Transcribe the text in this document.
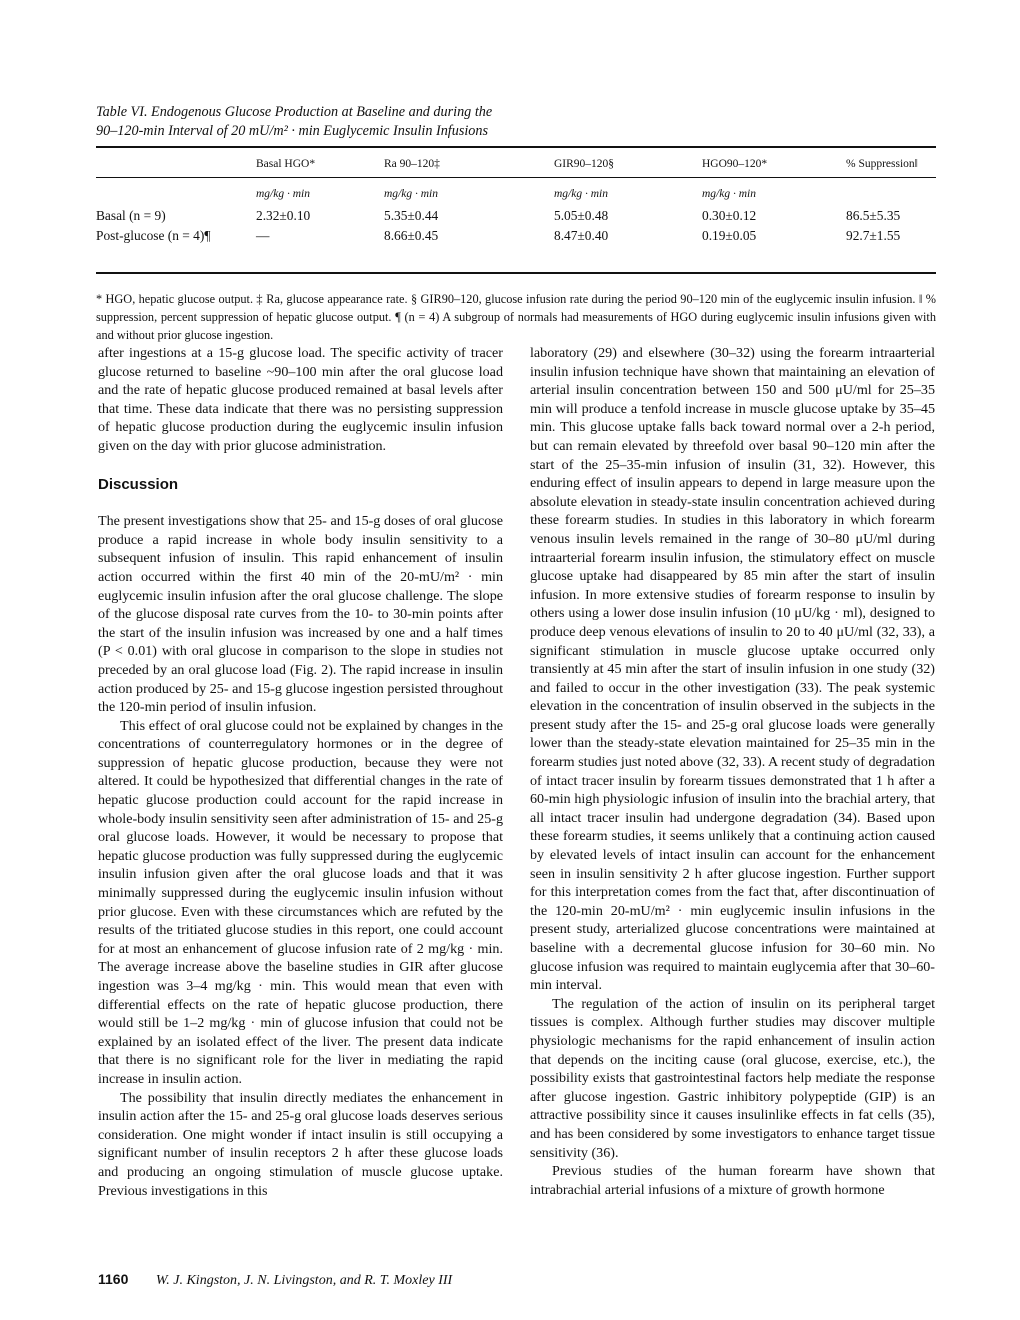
Table VI. Endogenous Glucose Production at Baseline and during the
90–120-min Interval of 20 mU/m² · min Euglycemic Insulin Infusions
	Basal HGO*	Ra 90–120‡	GIR90–120§	HGO90–120*	% Suppression‖
	mg/kg · min	mg/kg · min	mg/kg · min	mg/kg · min	
Basal (n = 9)	2.32±0.10	5.35±0.44	5.05±0.48	0.30±0.12	86.5±5.35
Post-glucose (n = 4)¶	—	8.66±0.45	8.47±0.40	0.19±0.05	92.7±1.55
* HGO, hepatic glucose output. ‡ Ra, glucose appearance rate. § GIR90–120, glucose infusion rate during the period 90–120 min of the euglycemic insulin infusion. ‖ % suppression, percent suppression of hepatic glucose output. ¶ (n = 4) A subgroup of normals had measurements of HGO during euglycemic insulin infusions given with and without prior glucose ingestion.

after ingestions at a 15-g glucose load. The specific activity of tracer glucose returned to baseline ~90–100 min after the oral glucose load and the rate of hepatic glucose produced remained at basal levels after that time. These data indicate that there was no persisting suppression of hepatic glucose production during the euglycemic insulin infusion given on the day with prior glucose administration.

Discussion

The present investigations show that 25- and 15-g doses of oral glucose produce a rapid increase in whole body insulin sensitivity to a subsequent infusion of insulin. This rapid enhancement of insulin action occurred within the first 40 min of the 20-mU/m² · min euglycemic insulin infusion after the oral glucose challenge. The slope of the glucose disposal rate curves from the 10- to 30-min points after the start of the insulin infusion was increased by one and a half times (P < 0.01) with oral glucose in comparison to the slope in studies not preceded by an oral glucose load (Fig. 2). The rapid increase in insulin action produced by 25- and 15-g glucose ingestion persisted throughout the 120-min period of insulin infusion.

This effect of oral glucose could not be explained by changes in the concentrations of counterregulatory hormones or in the degree of suppression of hepatic glucose production, because they were not altered. It could be hypothesized that differential changes in the rate of hepatic glucose production could account for the rapid increase in whole-body insulin sensitivity seen after administration of 15- and 25-g oral glucose loads. However, it would be necessary to propose that hepatic glucose production was fully suppressed during the euglycemic insulin infusion given after the oral glucose loads and that it was minimally suppressed during the euglycemic insulin infusion without prior glucose. Even with these circumstances which are refuted by the results of the tritiated glucose studies in this report, one could account for at most an enhancement of glucose infusion rate of 2 mg/kg · min. The average increase above the baseline studies in GIR after glucose ingestion was 3–4 mg/kg · min. This would mean that even with differential effects on the rate of hepatic glucose production, there would still be 1–2 mg/kg · min of glucose infusion that could not be explained by an isolated effect of the liver. The present data indicate that there is no significant role for the liver in mediating the rapid increase in insulin action.

The possibility that insulin directly mediates the enhancement in insulin action after the 15- and 25-g oral glucose loads deserves serious consideration. One might wonder if intact insulin is still occupying a significant number of insulin receptors 2 h after these glucose loads and producing an ongoing stimulation of muscle glucose uptake. Previous investigations in this

laboratory (29) and elsewhere (30–32) using the forearm intraarterial insulin infusion technique have shown that maintaining an elevation of arterial insulin concentration between 150 and 500 μU/ml for 25–35 min will produce a tenfold increase in muscle glucose uptake by 35–45 min. This glucose uptake falls back toward normal over a 2-h period, but can remain elevated by threefold over basal 90–120 min after the start of the 25–35-min infusion of insulin (31, 32). However, this enduring effect of insulin appears to depend in large measure upon the absolute elevation in steady-state insulin concentration achieved during these forearm studies. In studies in this laboratory in which forearm venous insulin levels remained in the range of 30–80 μU/ml during intraarterial forearm insulin infusion, the stimulatory effect on muscle glucose uptake had disappeared by 85 min after the start of insulin infusion. In more extensive studies of forearm response to insulin by others using a lower dose insulin infusion (10 μU/kg · ml), designed to produce deep venous elevations of insulin to 20 to 40 μU/ml (32, 33), a significant stimulation in muscle glucose uptake occurred only transiently at 45 min after the start of insulin infusion in one study (32) and failed to occur in the other investigation (33). The peak systemic elevation in the concentration of insulin observed in the subjects in the present study after the 15- and 25-g oral glucose loads were generally lower than the steady-state elevation maintained for 25–35 min in the forearm studies just noted above (32, 33). A recent study of degradation of intact tracer insulin by forearm tissues demonstrated that 1 h after a 60-min high physiologic infusion of insulin into the brachial artery, that all intact tracer insulin had undergone degradation (34). Based upon these forearm studies, it seems unlikely that a continuing action caused by elevated levels of intact insulin can account for the enhancement seen in insulin sensitivity 2 h after glucose ingestion. Further support for this interpretation comes from the fact that, after discontinuation of the 120-min 20-mU/m² · min euglycemic insulin infusions in the present study, arterialized glucose concentrations were maintained at baseline with a decremental glucose infusion for 30–60 min. No glucose infusion was required to maintain euglycemia after that 30–60-min interval.

The regulation of the action of insulin on its peripheral target tissues is complex. Although further studies may discover multiple physiologic mechanisms for the rapid enhancement of insulin action that depends on the inciting cause (oral glucose, exercise, etc.), the possibility exists that gastrointestinal factors help mediate the response after glucose ingestion. Gastric inhibitory polypeptide (GIP) is an attractive possibility since it causes insulinlike effects in fat cells (35), and has been considered by some investigators to enhance target tissue sensitivity (36).

Previous studies of the human forearm have shown that intrabrachial arterial infusions of a mixture of growth hormone

1160 W. J. Kingston, J. N. Livingston, and R. T. Moxley III
